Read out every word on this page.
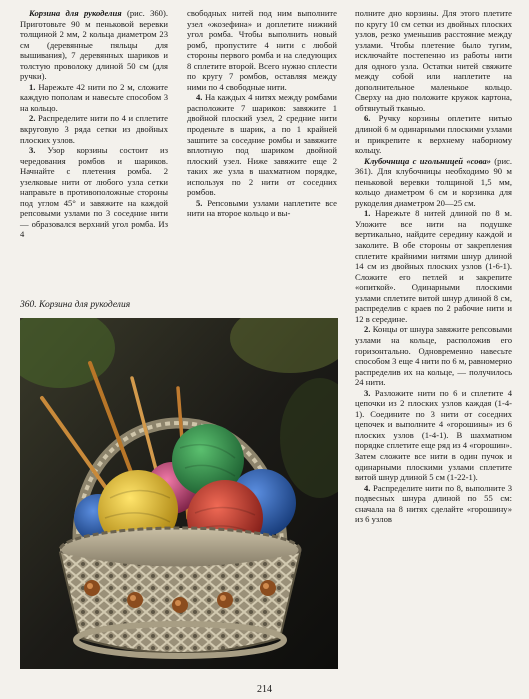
Корзина для рукоделия (рис. 360). Приготовьте 90 м пеньковой веревки толщиной 2 мм, 2 кольца диаметром 23 см (деревянные пяльцы для вышивания), 7 деревянных шариков и толстую проволоку длиной 50 см (для ручки).

1. Нарежьте 42 нити по 2 м, сложите каждую пополам и навесьте способом 3 на кольцо.

2. Распределите нити по 4 и сплетите вкруговую 3 ряда сетки из двойных плоских узлов.

3. Узор корзины состоит из чередования ромбов и шариков. Начнайте с плетения ромба. 2 узелковые нити от любого узла сетки направьте в противоположные стороны под углом 45° и завяжите на каждой репсовыми узлами по 3 соседние нити — образовался верхний угол ромба. Из 4

свободных нитей под ним выполните узел «жозефина» и доплетите нижний угол ромба. Чтобы выполнить новый ромб, пропустите 4 нити с любой стороны первого ромба и на следующих 8 сплетите второй. Всего нужно сплести по кругу 7 ромбов, оставляя между ними по 4 свободные нити.

4. На каждых 4 нитях между ромбами расположите 7 шариков: завяжите 1 двойной плоский узел, 2 средние нити проденьте в шарик, а по 1 крайней зашпите за соседние ромбы и завяжите вплотную под шариком двойной плоский узел. Ниже завяжите еще 2 таких же узла в шахматном порядке, используя по 2 нити от соседних ромбов.

5. Репсовыми узлами наплетите все нити на второе кольцо и вы-

полните дно корзины. Для этого плетите по кругу 10 см сетки из двойных плоских узлов, резко уменьшив расстояние между узлами. Чтобы плетение было тугим, исключайте постепенно из работы нити для одного узла. Остатки нитей свяжите между собой или наплетите на дополнительное маленькое кольцо. Сверху на дно положите кружок картона, обтянутый тканью.

6. Ручку корзины оплетите нитью длиной 6 м одинарными плоскими узлами и прикрепите к верхнему наборному кольцу.

Клубочница с игольницей «сова» (рис. 361). Для клубочницы необходимо 90 м пеньковой веревки толщиной 1,5 мм, кольцо диаметром 6 см и корзинка для рукоделия диаметром 20—25 см.

1. Нарежьте 8 нитей длиной по 8 м. Уложите все нити на подушке вертикально, найдите середину каждой и заколите. В обе стороны от закрепления сплетите крайними нитями шнур длиной 14 см из двойных плоских узлов (1-6-1). Сложите его петлей и закрепите «опиткой». Одинарными плоскими узлами сплетите витой шнур длиной 8 см, распределив с краев по 2 рабочие нити и 12 в середине.

2. Концы от шнура завяжите репсовыми узлами на кольце, расположив его горизонтально. Одновременно навесьте способом 3 еще 4 нити по 6 м, равномерно распределив их на кольце, — получилось 24 нити.

3. Разложите нити по 6 и сплетите 4 цепочки из 2 плоских узлов каждая (1-4-1). Соедините по 3 нити от соседних цепочек и выполните 4 «горошины» из 6 плоских узлов (1-4-1). В шахматном порядке сплетите еще ряд из 4 «горошин». Затем сложите все нити в один пучок и одинарными плоскими узлами сплетите витой шнур длиной 5 см (1-22-1).

4. Распределите нити по 8, выполните 3 подвесных шнура длиной по 55 см: сначала на 8 нитях сделайте «горошину» из 6 узлов

360. Корзина для рукоделия
214
